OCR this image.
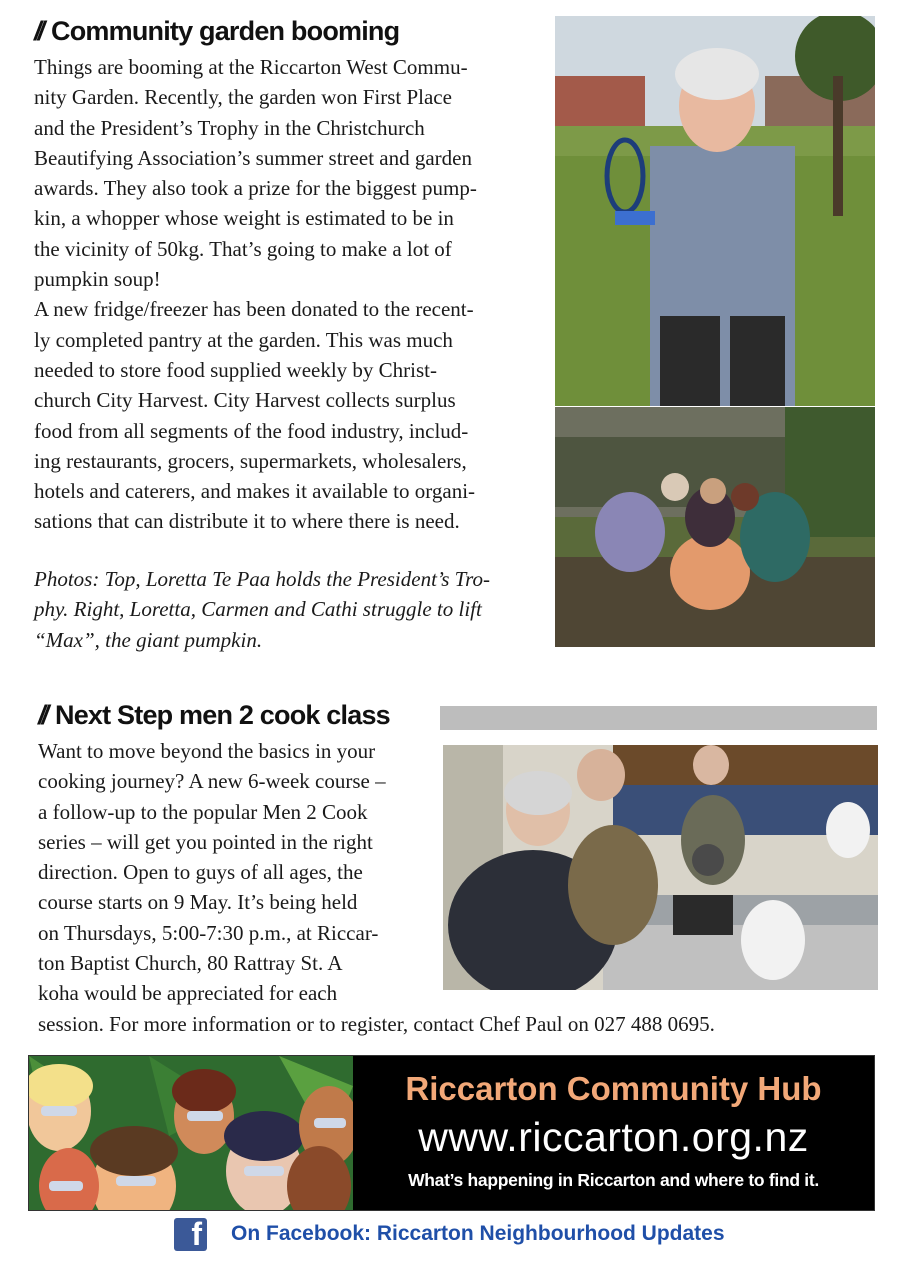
// Community garden booming

Things are booming at the Riccarton West Commu-
nity Garden. Recently, the garden won First Place
and the President’s Trophy in the Christchurch
Beautifying Association’s summer street and garden
awards. They also took a prize for the biggest pump-
kin, a whopper whose weight is estimated to be in
the vicinity of 50kg. That’s going to make a lot of
pumpkin soup!

A new fridge/freezer has been donated to the recent-
ly completed pantry at the garden. This was much
needed to store food supplied weekly by Christ-
church City Harvest. City Harvest collects surplus
food from all segments of the food industry, includ-
ing restaurants, grocers, supermarkets, wholesalers,
hotels and caterers, and makes it available to organi-
sations that can distribute it to where there is need.

Photos: Top, Loretta Te Paa holds the President’s Tro-
phy. Right, Loretta, Carmen and Cathi struggle to lift
“Max”, the giant pumpkin.
// Next Step men 2 cook class
Want to move beyond the basics in your
cooking journey? A new 6-week course –
a follow-up to the popular Men 2 Cook
series – will get you pointed in the right
direction. Open to guys of all ages, the
course starts on 9 May. It’s being held
on Thursdays, 5:00-7:30 p.m., at Riccar-
ton Baptist Church, 80 Rattray St. A
koha would be appreciated for each
session. For more information or to register, contact Chef Paul on 027 488 0695.
Riccarton Community Hub
www.riccarton.org.nz
What’s happening in Riccarton and where to find it.
f On Facebook: Riccarton Neighbourhood Updates
